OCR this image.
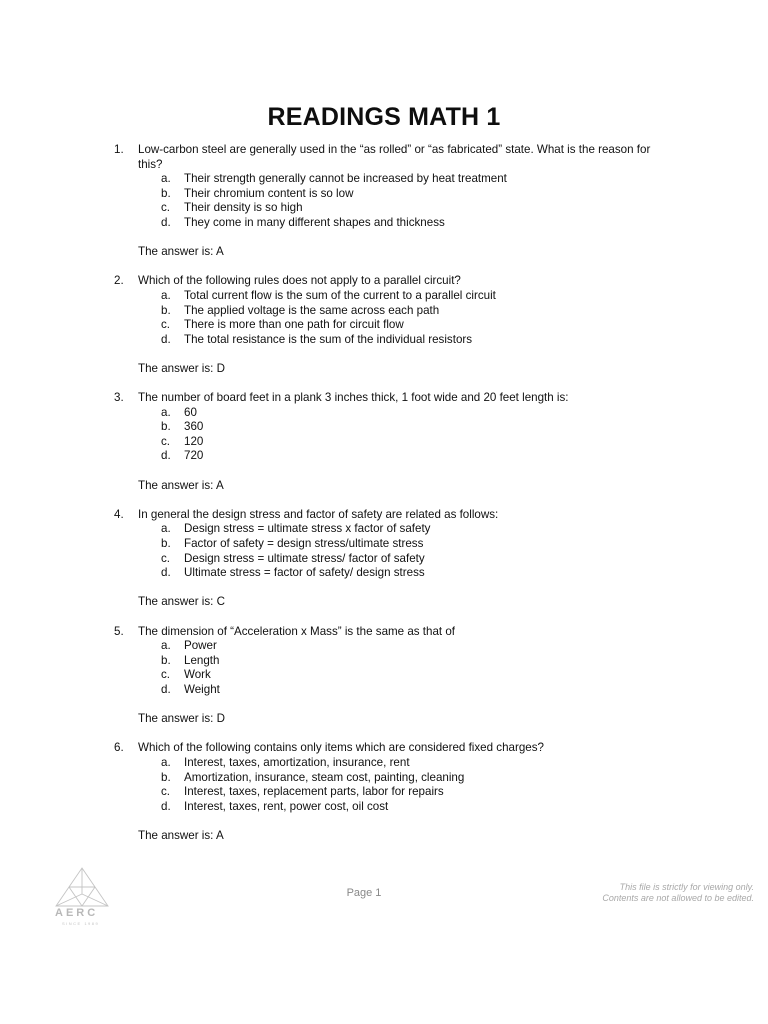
READINGS MATH 1
1. Low-carbon steel are generally used in the “as rolled” or “as fabricated” state. What is the reason for this?
a. Their strength generally cannot be increased by heat treatment
b. Their chromium content is so low
c. Their density is so high
d. They come in many different shapes and thickness
The answer is: A
2. Which of the following rules does not apply to a parallel circuit?
a. Total current flow is the sum of the current to a parallel circuit
b. The applied voltage is the same across each path
c. There is more than one path for circuit flow
d. The total resistance is the sum of the individual resistors
The answer is: D
3. The number of board feet in a plank 3 inches thick, 1 foot wide and 20 feet length is:
a. 60
b. 360
c. 120
d. 720
The answer is: A
4. In general the design stress and factor of safety are related as follows:
a. Design stress = ultimate stress x factor of safety
b. Factor of safety = design stress/ultimate stress
c. Design stress = ultimate stress/ factor of safety
d. Ultimate stress = factor of safety/ design stress
The answer is: C
5. The dimension of “Acceleration x Mass” is the same as that of
a. Power
b. Length
c. Work
d. Weight
The answer is: D
6. Which of the following contains only items which are considered fixed charges?
a. Interest, taxes, amortization, insurance, rent
b. Amortization, insurance, steam cost, painting, cleaning
c. Interest, taxes, replacement parts, labor for repairs
d. Interest, taxes, rent, power cost, oil cost
The answer is: A
AERC
SINCE 1989
Page 1	This file is strictly for viewing only.
Contents are not allowed to be edited.
